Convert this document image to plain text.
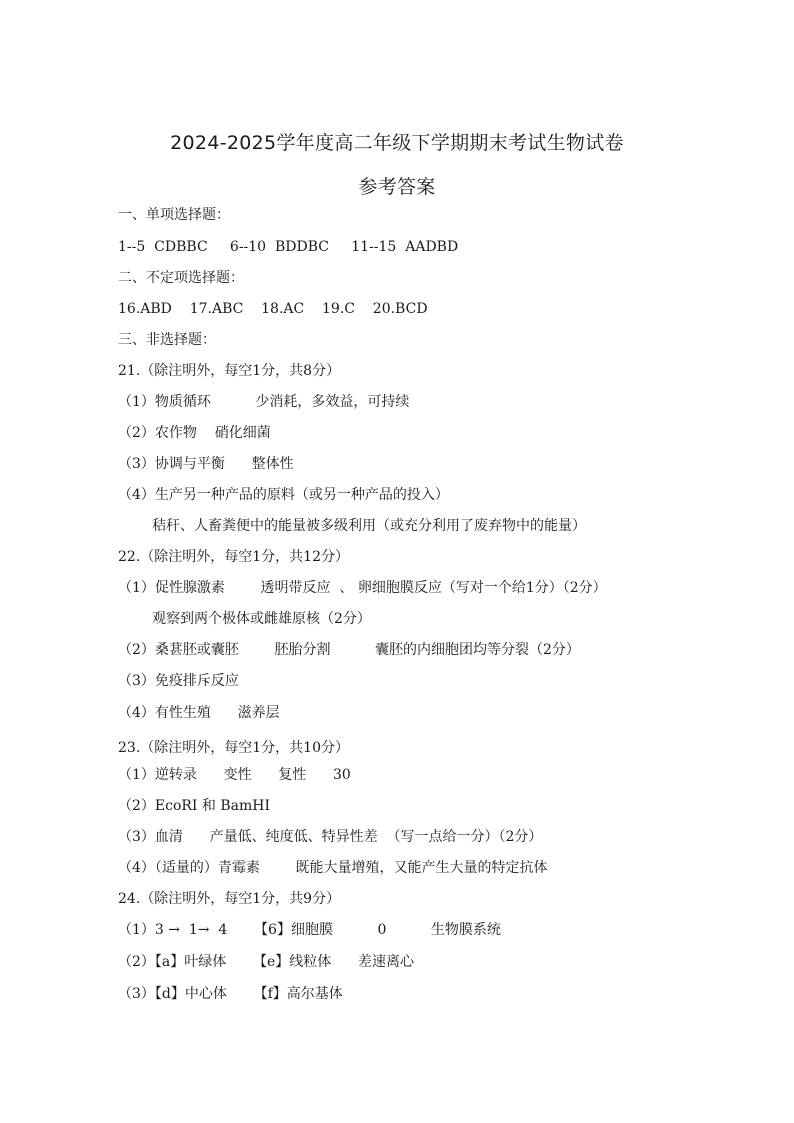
2024-2025学年度高二年级下学期期末考试生物试卷
参考答案
一、单项选择题：
1--5  CDBBC     6--10  BDDBC     11--15  AADBD
二、不定项选择题：
16.ABD    17.ABC    18.AC    19.C    20.BCD
三、非选择题：
21.（除注明外，每空1分，共8分）
（1）物质循环          少消耗，多效益，可持续
（2）农作物    硝化细菌
（3）协调与平衡      整体性
（4）生产另一种产品的原料（或另一种产品的投入）
秸秆、人畜粪便中的能量被多级利用（或充分利用了废弃物中的能量）
22.（除注明外，每空1分，共12分）
（1）促性腺激素        透明带反应  、 卵细胞膜反应（写对一个给1分）（2分）
观察到两个极体或雌雄原核（2分）
（2）桑葚胚或囊胚        胚胎分割          囊胚的内细胞团均等分裂（2分）
（3）免疫排斥反应
（4）有性生殖      滋养层
23.（除注明外，每空1分，共10分）
（1）逆转录      变性      复性      30
（2）EcoRI 和 BamHI
（3）血清      产量低、纯度低、特异性差  （写一点给一分）（2分）
（4）（适量的）青霉素        既能大量增殖，又能产生大量的特定抗体
24.（除注明外，每空1分，共9分）
（1）3 →  1→  4      【6】细胞膜          0          生物膜系统
（2）【a】叶绿体      【e】线粒体      差速离心
（3）【d】中心体      【f】高尔基体
